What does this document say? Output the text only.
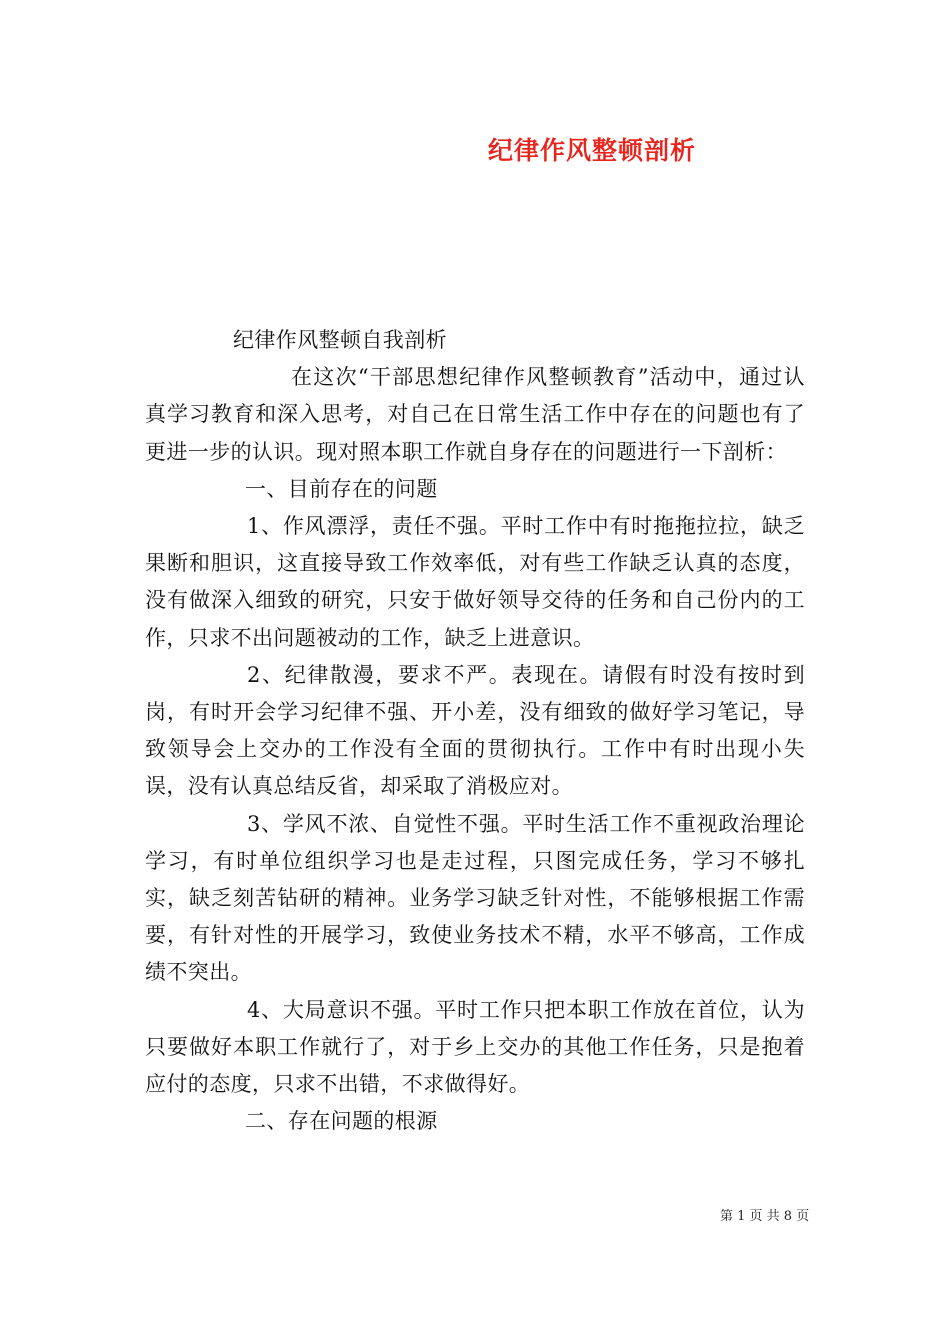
纪律作风整顿剖析

纪律作风整顿自我剖析

在这次“干部思想纪律作风整顿教育”活动中，通过认真学习教育和深入思考，对自己在日常生活工作中存在的问题也有了更进一步的认识。现对照本职工作就自身存在的问题进行一下剖析：

一、目前存在的问题

1、作风漂浮，责任不强。平时工作中有时拖拖拉拉，缺乏果断和胆识，这直接导致工作效率低，对有些工作缺乏认真的态度，没有做深入细致的研究，只安于做好领导交待的任务和自己份内的工作，只求不出问题被动的工作，缺乏上进意识。

2、纪律散漫，要求不严。表现在。请假有时没有按时到岗，有时开会学习纪律不强、开小差，没有细致的做好学习笔记，导致领导会上交办的工作没有全面的贯彻执行。工作中有时出现小失误，没有认真总结反省，却采取了消极应对。

3、学风不浓、自觉性不强。平时生活工作不重视政治理论学习，有时单位组织学习也是走过程，只图完成任务，学习不够扎实，缺乏刻苦钻研的精神。业务学习缺乏针对性，不能够根据工作需要，有针对性的开展学习，致使业务技术不精，水平不够高，工作成绩不突出。

4、大局意识不强。平时工作只把本职工作放在首位，认为只要做好本职工作就行了，对于乡上交办的其他工作任务，只是抱着应付的态度，只求不出错，不求做得好。

二、存在问题的根源

第 1 页 共 8 页
